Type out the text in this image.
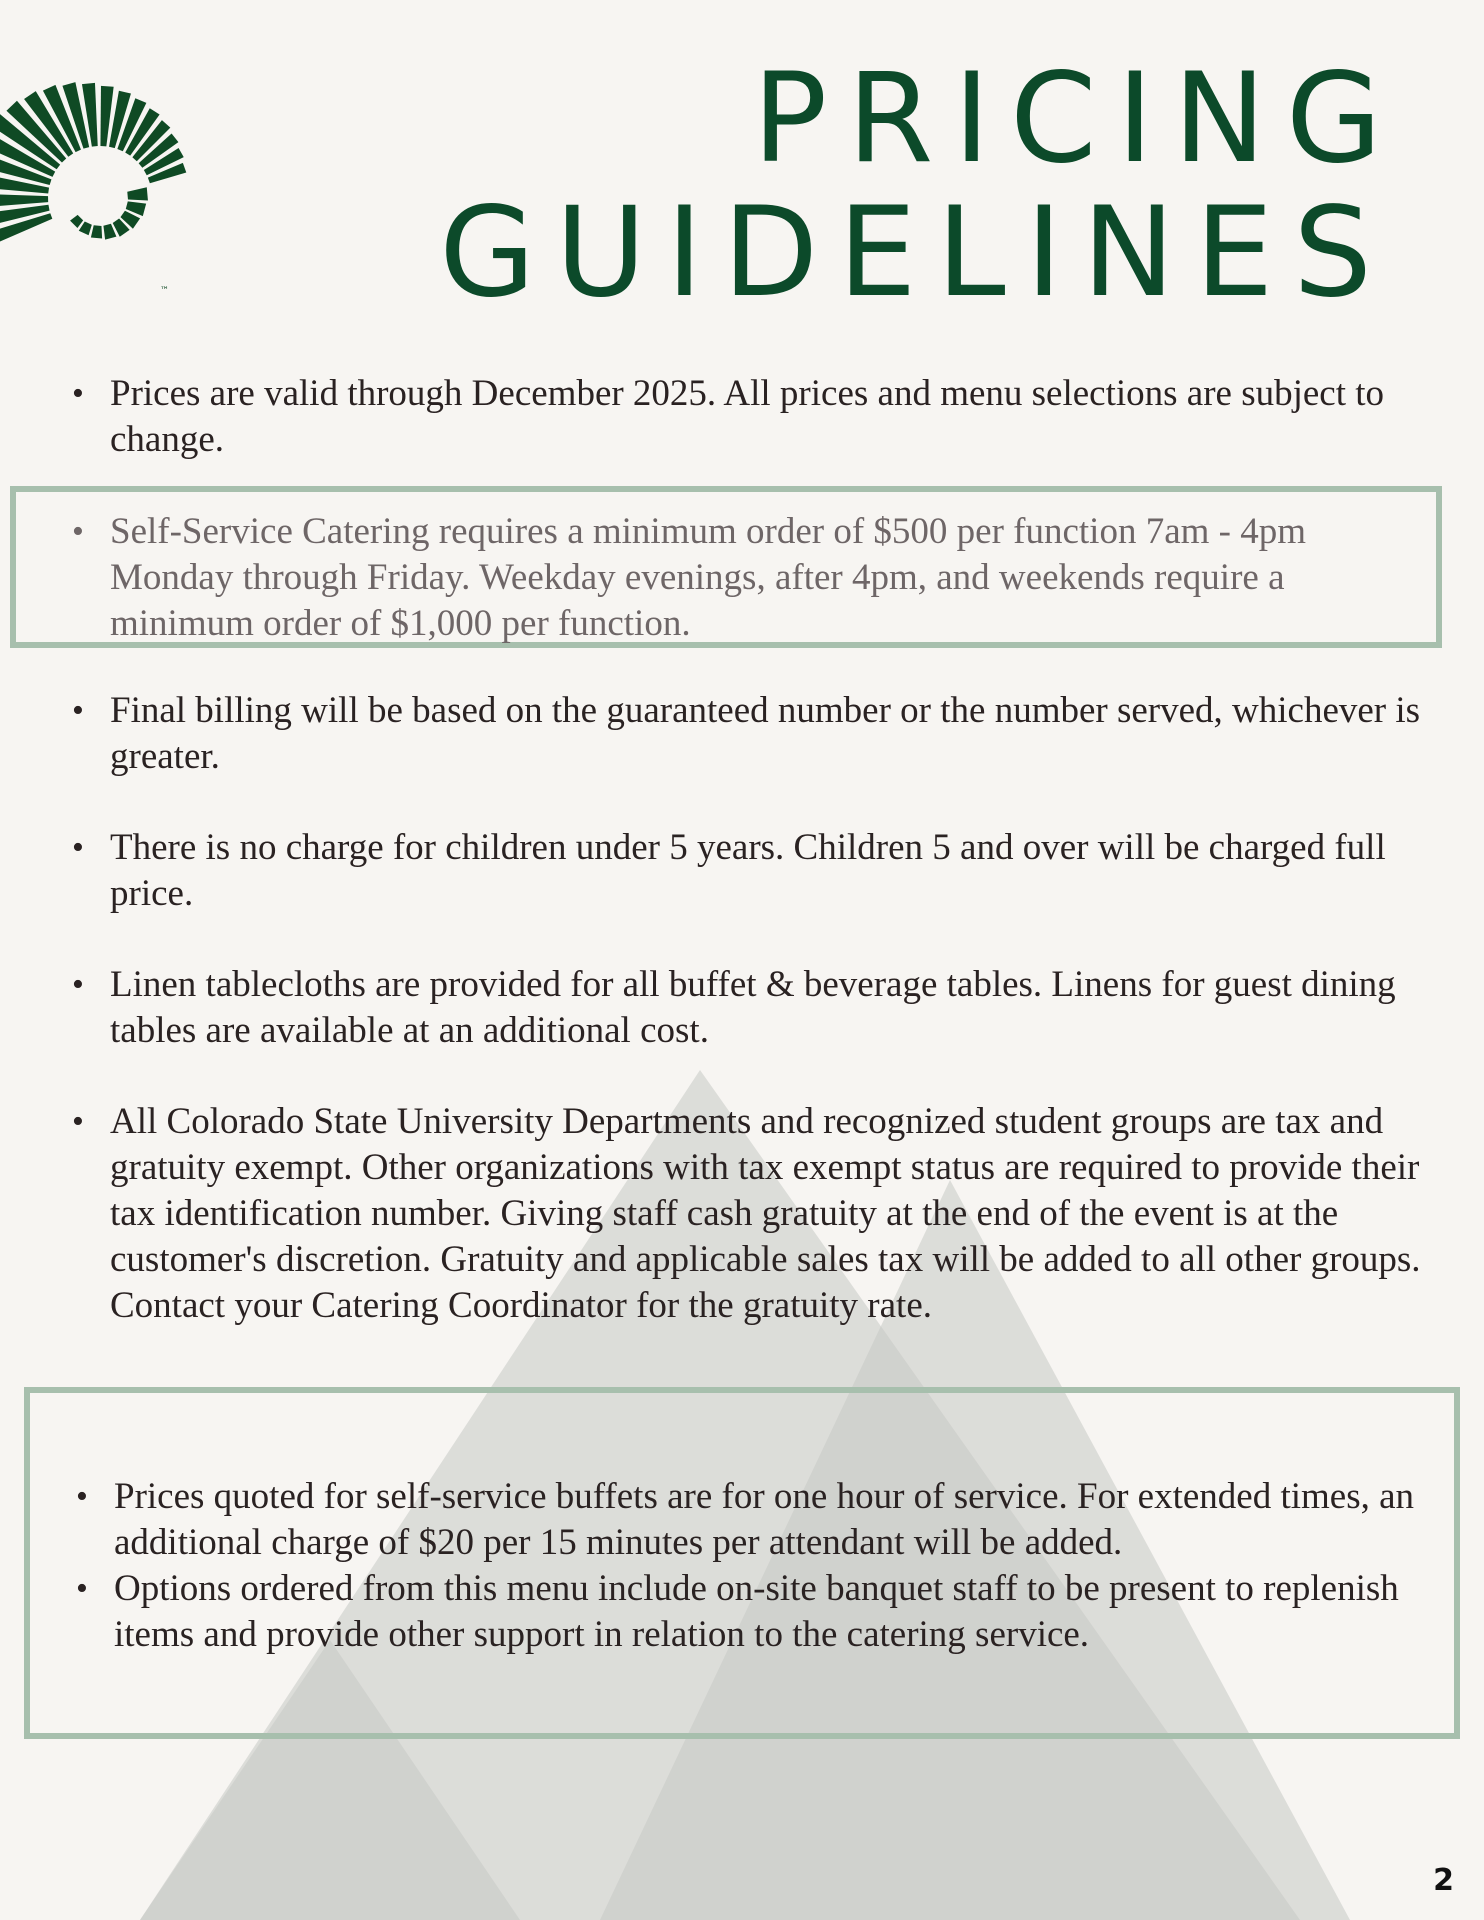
™
PRICING
GUIDELINES
• Prices are valid through December 2025. All prices and menu selections are subject to change.
• Self-Service Catering requires a minimum order of $500 per function 7am - 4pm Monday through Friday. Weekday evenings, after 4pm, and weekends require a minimum order of $1,000 per function.
• Final billing will be based on the guaranteed number or the number served, whichever is greater.
• There is no charge for children under 5 years. Children 5 and over will be charged full price.
• Linen tablecloths are provided for all buffet & beverage tables. Linens for guest dining tables are available at an additional cost.
• All Colorado State University Departments and recognized student groups are tax and gratuity exempt. Other organizations with tax exempt status are required to provide their tax identification number. Giving staff cash gratuity at the end of the event is at the customer's discretion. Gratuity and applicable sales tax will be added to all other groups. Contact your Catering Coordinator for the gratuity rate.
• Prices quoted for self-service buffets are for one hour of service. For extended times, an additional charge of $20 per 15 minutes per attendant will be added.
• Options ordered from this menu include on-site banquet staff to be present to replenish items and provide other support in relation to the catering service.
2
